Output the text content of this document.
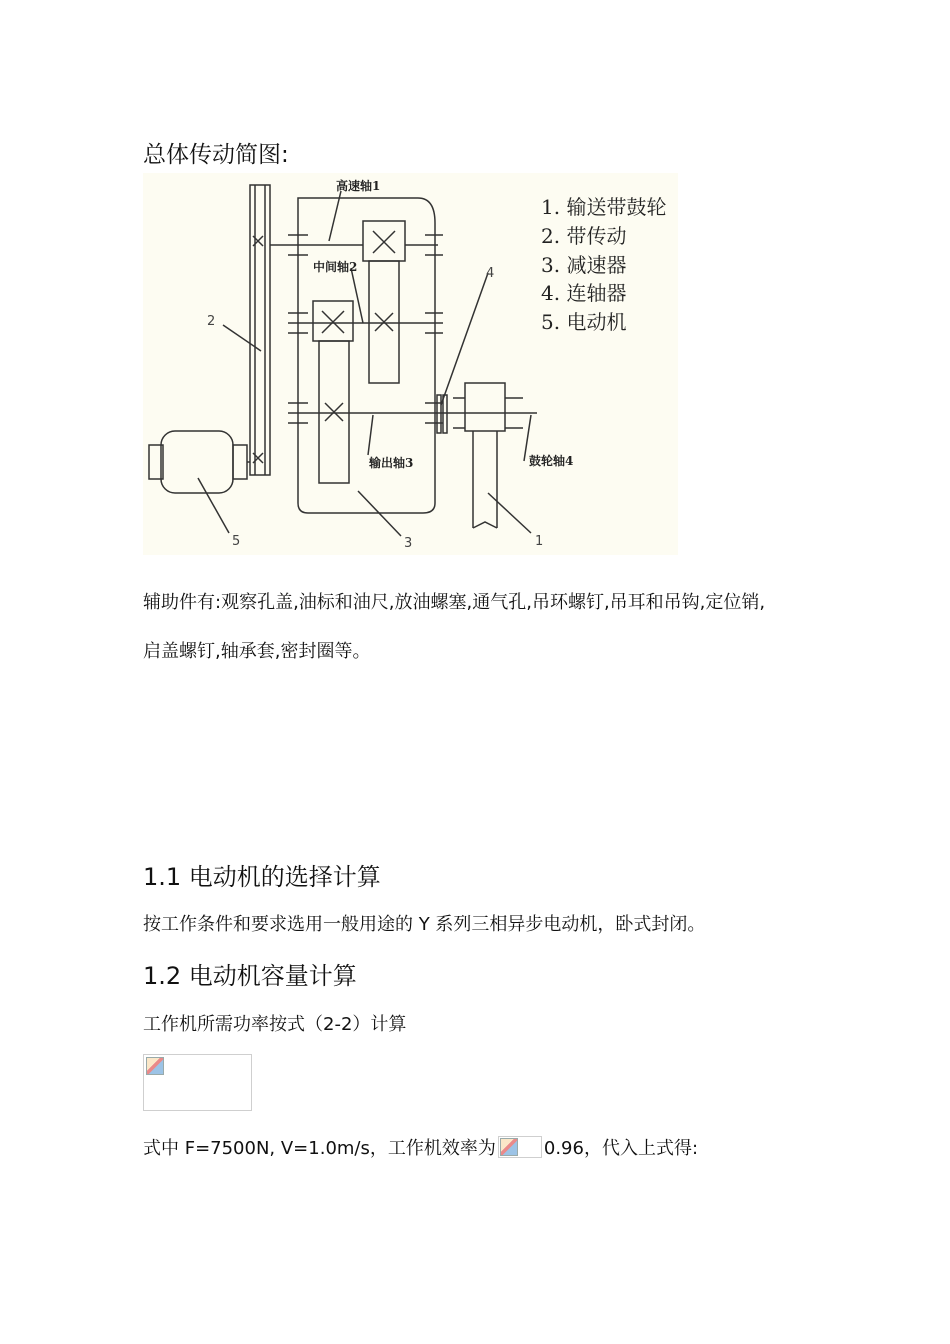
总体传动简图:
高速轴1
中间轴2
输出轴3	鼓轮轴4
1
2
3
4
5
1. 输送带鼓轮
2. 带传动
3. 减速器
4. 连轴器
5. 电动机
辅助件有:观察孔盖,油标和油尺,放油螺塞,通气孔,吊环螺钉,吊耳和吊钩,定位销,
启盖螺钉,轴承套,密封圈等。
1.1 电动机的选择计算
按工作条件和要求选用一般用途的 Y 系列三相异步电动机，卧式封闭。
1.2 电动机容量计算
工作机所需功率按式（2-2）计算
式中 F=7500N, V=1.0m/s，工作机效率为	0.96，代入上式得:
